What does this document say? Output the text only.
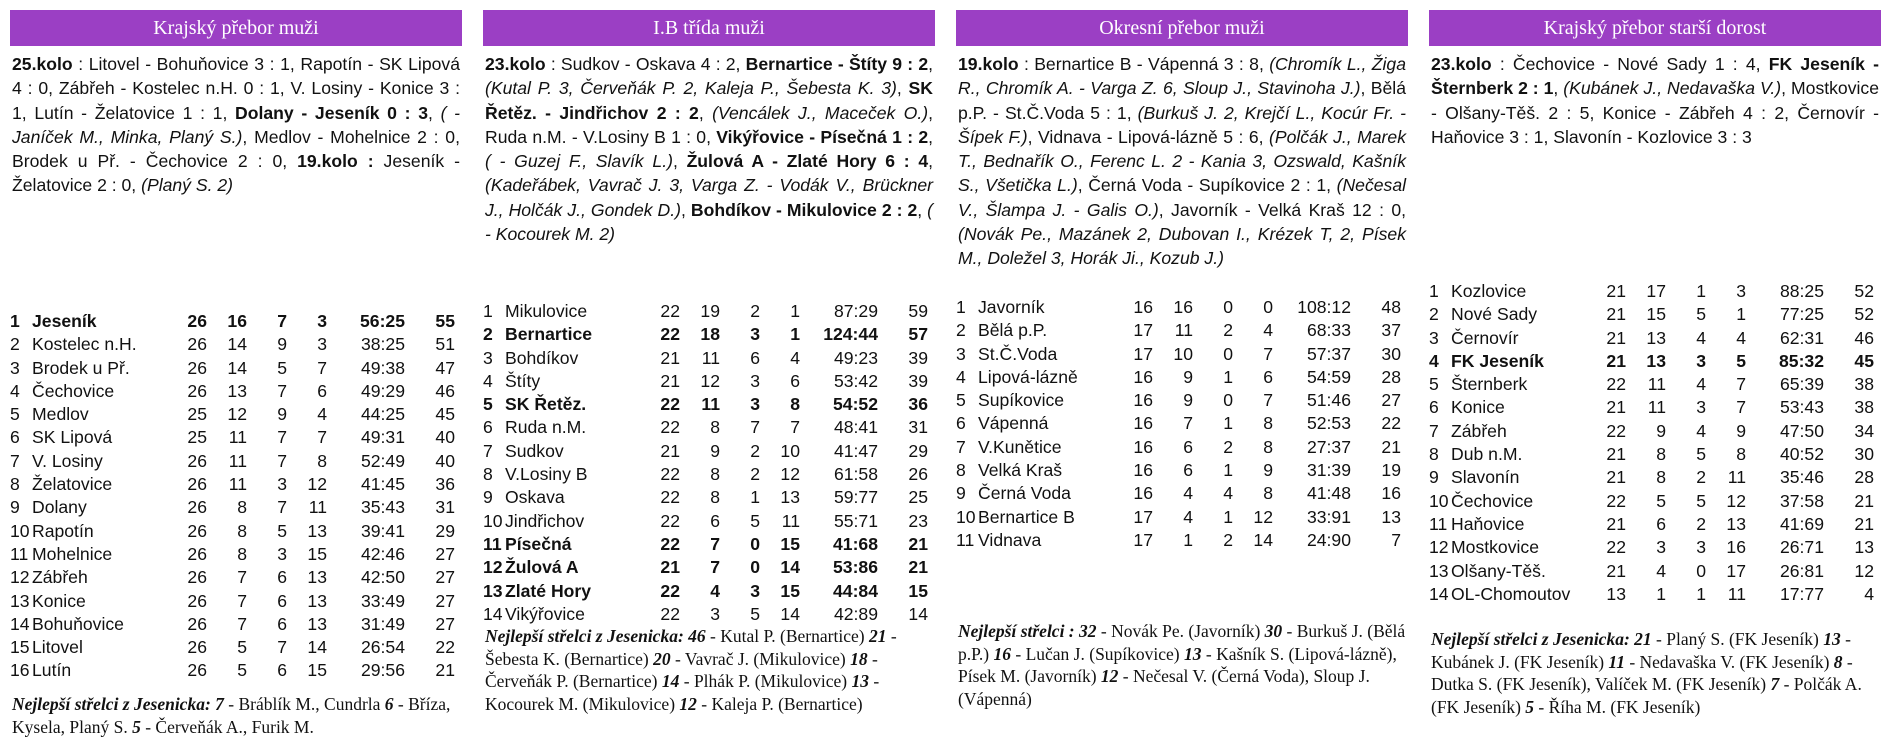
Krajský přebor muži
25.kolo : Litovel - Bohuňovice 3 : 1, Rapotín - SK Lipová 4 : 0, Zábřeh - Kostelec n.H. 0 : 1, V. Losiny - Konice 3 : 1, Lutín - Želatovice 1 : 1, Dolany - Jeseník 0 : 3, ( - Janíček M., Minka, Planý S.), Medlov - Mohelnice 2 : 0, Brodek u Př. - Čechovice 2 : 0, 19.kolo : Jeseník - Želatovice 2 : 0, (Planý S. 2)
1	Jeseník	26	16	7	3	56:25	55
2	Kostelec n.H.	26	14	9	3	38:25	51
3	Brodek u Př.	26	14	5	7	49:38	47
4	Čechovice	26	13	7	6	49:29	46
5	Medlov	25	12	9	4	44:25	45
6	SK Lipová	25	11	7	7	49:31	40
7	V. Losiny	26	11	7	8	52:49	40
8	Želatovice	26	11	3	12	41:45	36
9	Dolany	26	8	7	11	35:43	31
10	Rapotín	26	8	5	13	39:41	29
11	Mohelnice	26	8	3	15	42:46	27
12	Zábřeh	26	7	6	13	42:50	27
13	Konice	26	7	6	13	33:49	27
14	Bohuňovice	26	7	6	13	31:49	27
15	Litovel	26	5	7	14	26:54	22
16	Lutín	26	5	6	15	29:56	21
Nejlepší střelci z Jesenicka: 7 - Bráblík M., Cundrla 6 - Bříza, Kysela, Planý S. 5 - Červeňák A., Furik M.
I.B třída muži
23.kolo : Sudkov - Oskava 4 : 2, Bernartice - Štíty 9 : 2, (Kutal P. 3, Červeňák P. 2, Kaleja P., Šebesta K. 3), SK Řetěz. - Jindřichov 2 : 2, (Vencálek J., Maceček O.), Ruda n.M. - V.Losiny B 1 : 0, Vikýřovice - Písečná 1 : 2, ( - Guzej F., Slavík L.), Žulová A - Zlaté Hory 6 : 4, (Kadeřábek, Vavrač J. 3, Varga Z. - Vodák V., Brückner J., Holčák J., Gondek D.), Bohdíkov - Mikulovice 2 : 2, ( - Kocourek M. 2)
1	Mikulovice	22	19	2	1	87:29	59
2	Bernartice	22	18	3	1	124:44	57
3	Bohdíkov	21	11	6	4	49:23	39
4	Štíty	21	12	3	6	53:42	39
5	SK Řetěz.	22	11	3	8	54:52	36
6	Ruda n.M.	22	8	7	7	48:41	31
7	Sudkov	21	9	2	10	41:47	29
8	V.Losiny B	22	8	2	12	61:58	26
9	Oskava	22	8	1	13	59:77	25
10	Jindřichov	22	6	5	11	55:71	23
11	Písečná	22	7	0	15	41:68	21
12	Žulová A	21	7	0	14	53:86	21
13	Zlaté Hory	22	4	3	15	44:84	15
14	Vikýřovice	22	3	5	14	42:89	14
Nejlepší střelci z Jesenicka: 46 - Kutal P. (Bernartice) 21 - Šebesta K. (Bernartice) 20 - Vavrač J. (Mikulovice) 18 - Červeňák P. (Bernartice) 14 - Plhák P. (Mikulovice) 13 - Kocourek M. (Mikulovice) 12 - Kaleja P. (Bernartice)
Okresní přebor muži
19.kolo : Bernartice B - Vápenná 3 : 8, (Chromík L., Žiga R., Chromík A. - Varga Z. 6, Sloup J., Stavinoha J.), Bělá p.P. - St.Č.Voda 5 : 1, (Burkuš J. 2, Krejčí L., Kocúr Fr. - Šípek F.), Vidnava - Lipová-lázně 5 : 6, (Polčák J., Marek T., Bednařík O., Ferenc L. 2 - Kania 3, Ozswald, Kašník S., Všetička L.), Černá Voda - Supíkovice 2 : 1, (Nečesal V., Šlampa J. - Galis O.), Javorník - Velká Kraš 12 : 0, (Novák Pe., Mazánek 2, Dubovan I., Krézek T, 2, Písek M., Doležel 3, Horák Ji., Kozub J.)
1	Javorník	16	16	0	0	108:12	48
2	Bělá p.P.	17	11	2	4	68:33	37
3	St.Č.Voda	17	10	0	7	57:37	30
4	Lipová-lázně	16	9	1	6	54:59	28
5	Supíkovice	16	9	0	7	51:46	27
6	Vápenná	16	7	1	8	52:53	22
7	V.Kunětice	16	6	2	8	27:37	21
8	Velká Kraš	16	6	1	9	31:39	19
9	Černá Voda	16	4	4	8	41:48	16
10	Bernartice B	17	4	1	12	33:91	13
11	Vidnava	17	1	2	14	24:90	7
Nejlepší střelci : 32 - Novák Pe. (Javorník) 30 - Burkuš J. (Bělá p.P.) 16 - Lučan J. (Supíkovice) 13 - Kašník S. (Lipová-lázně), Písek M. (Javorník) 12 - Nečesal V. (Černá Voda), Sloup J. (Vápenná)
Krajský přebor starší dorost
23.kolo : Čechovice - Nové Sady 1 : 4, FK Jeseník - Šternberk 2 : 1, (Kubánek J., Nedavaška V.), Mostkovice - Olšany-Těš. 2 : 5, Konice - Zábřeh 4 : 2, Černovír - Haňovice 3 : 1, Slavonín - Kozlovice 3 : 3
1	Kozlovice	21	17	1	3	88:25	52
2	Nové Sady	21	15	5	1	77:25	52
3	Černovír	21	13	4	4	62:31	46
4	FK Jeseník	21	13	3	5	85:32	45
5	Šternberk	22	11	4	7	65:39	38
6	Konice	21	11	3	7	53:43	38
7	Zábřeh	22	9	4	9	47:50	34
8	Dub n.M.	21	8	5	8	40:52	30
9	Slavonín	21	8	2	11	35:46	28
10	Čechovice	22	5	5	12	37:58	21
11	Haňovice	21	6	2	13	41:69	21
12	Mostkovice	22	3	3	16	26:71	13
13	Olšany-Těš.	21	4	0	17	26:81	12
14	OL-Chomoutov	13	1	1	11	17:77	4
Nejlepší střelci z Jesenicka: 21 - Planý S. (FK Jeseník) 13 - Kubánek J. (FK Jeseník) 11 - Nedavaška V. (FK Jeseník) 8 - Dutka S. (FK Jeseník), Valíček M. (FK Jeseník) 7 - Polčák A. (FK Jeseník) 5 - Říha M. (FK Jeseník)
